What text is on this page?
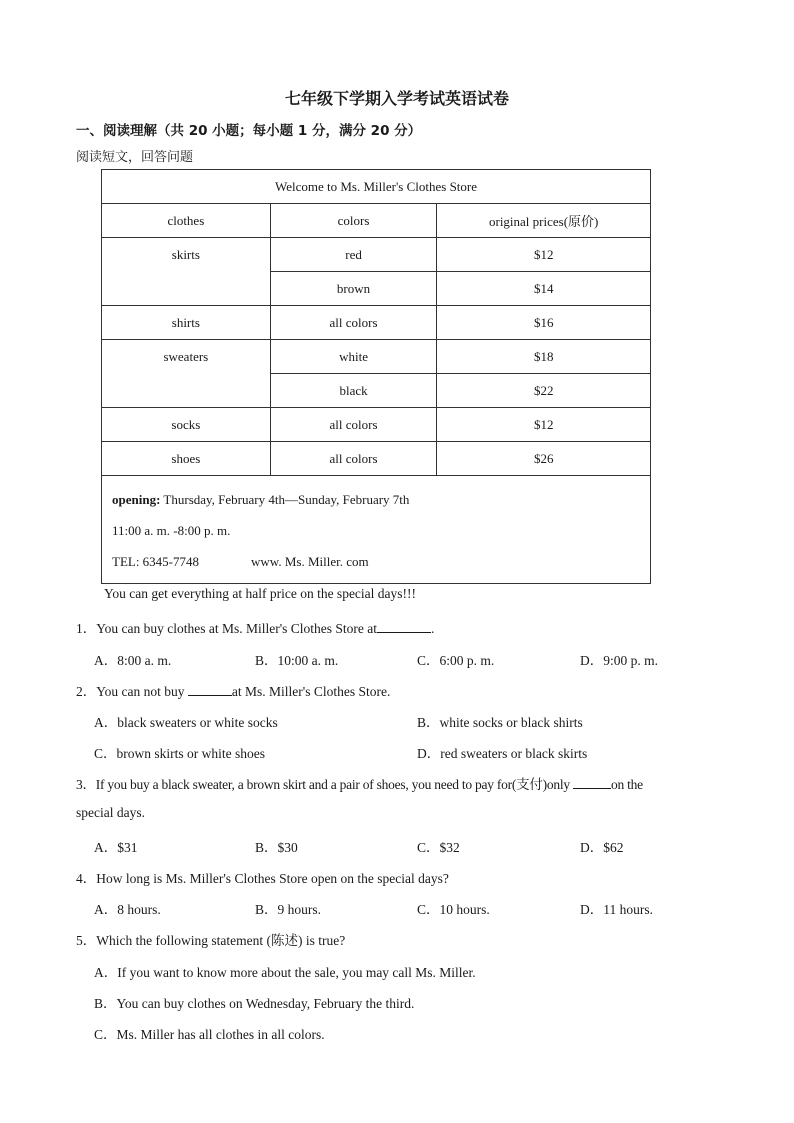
七年级下学期入学考试英语试卷
一、阅读理解（共 20 小题；每小题 1 分，满分 20 分）
阅读短文，回答问题
Welcome to Ms. Miller's Clothes Store		
clothes	colors	original prices(原价)
skirts	red	$12
	brown	$14
shirts	all colors	$16
sweaters	white	$18
	black	$22
socks	all colors	$12
shoes	all colors	$26

opening: Thursday, February 4th—Sunday, February 7th
11:00 a. m. -8:00 p. m.
TEL: 6345-7748 www. Ms. Miller. com		
You can get everything at half price on the special days!!!
1．You can buy clothes at Ms. Miller's Clothes Store at	.
A．8:00 a. m.	B．10:00 a. m.	C．6:00 p. m.	D．9:00 p. m.
2．You can not buy	at Ms. Miller's Clothes Store.
A．black sweaters or white socks	B．white socks or black shirts
C．brown skirts or white shoes	D．red sweaters or black skirts
3．If you buy a black sweater, a brown skirt and a pair of shoes, you need to pay for(支付)only	on the
special days.
A．$31	B．$30	C．$32	D．$62
4．How long is Ms. Miller's Clothes Store open on the special days?
A．8 hours.	B．9 hours.	C．10 hours.	D．11 hours.
5．Which the following statement (陈述) is true?
A．If you want to know more about the sale, you may call Ms. Miller.
B．You can buy clothes on Wednesday, February the third.
C．Ms. Miller has all clothes in all colors.
